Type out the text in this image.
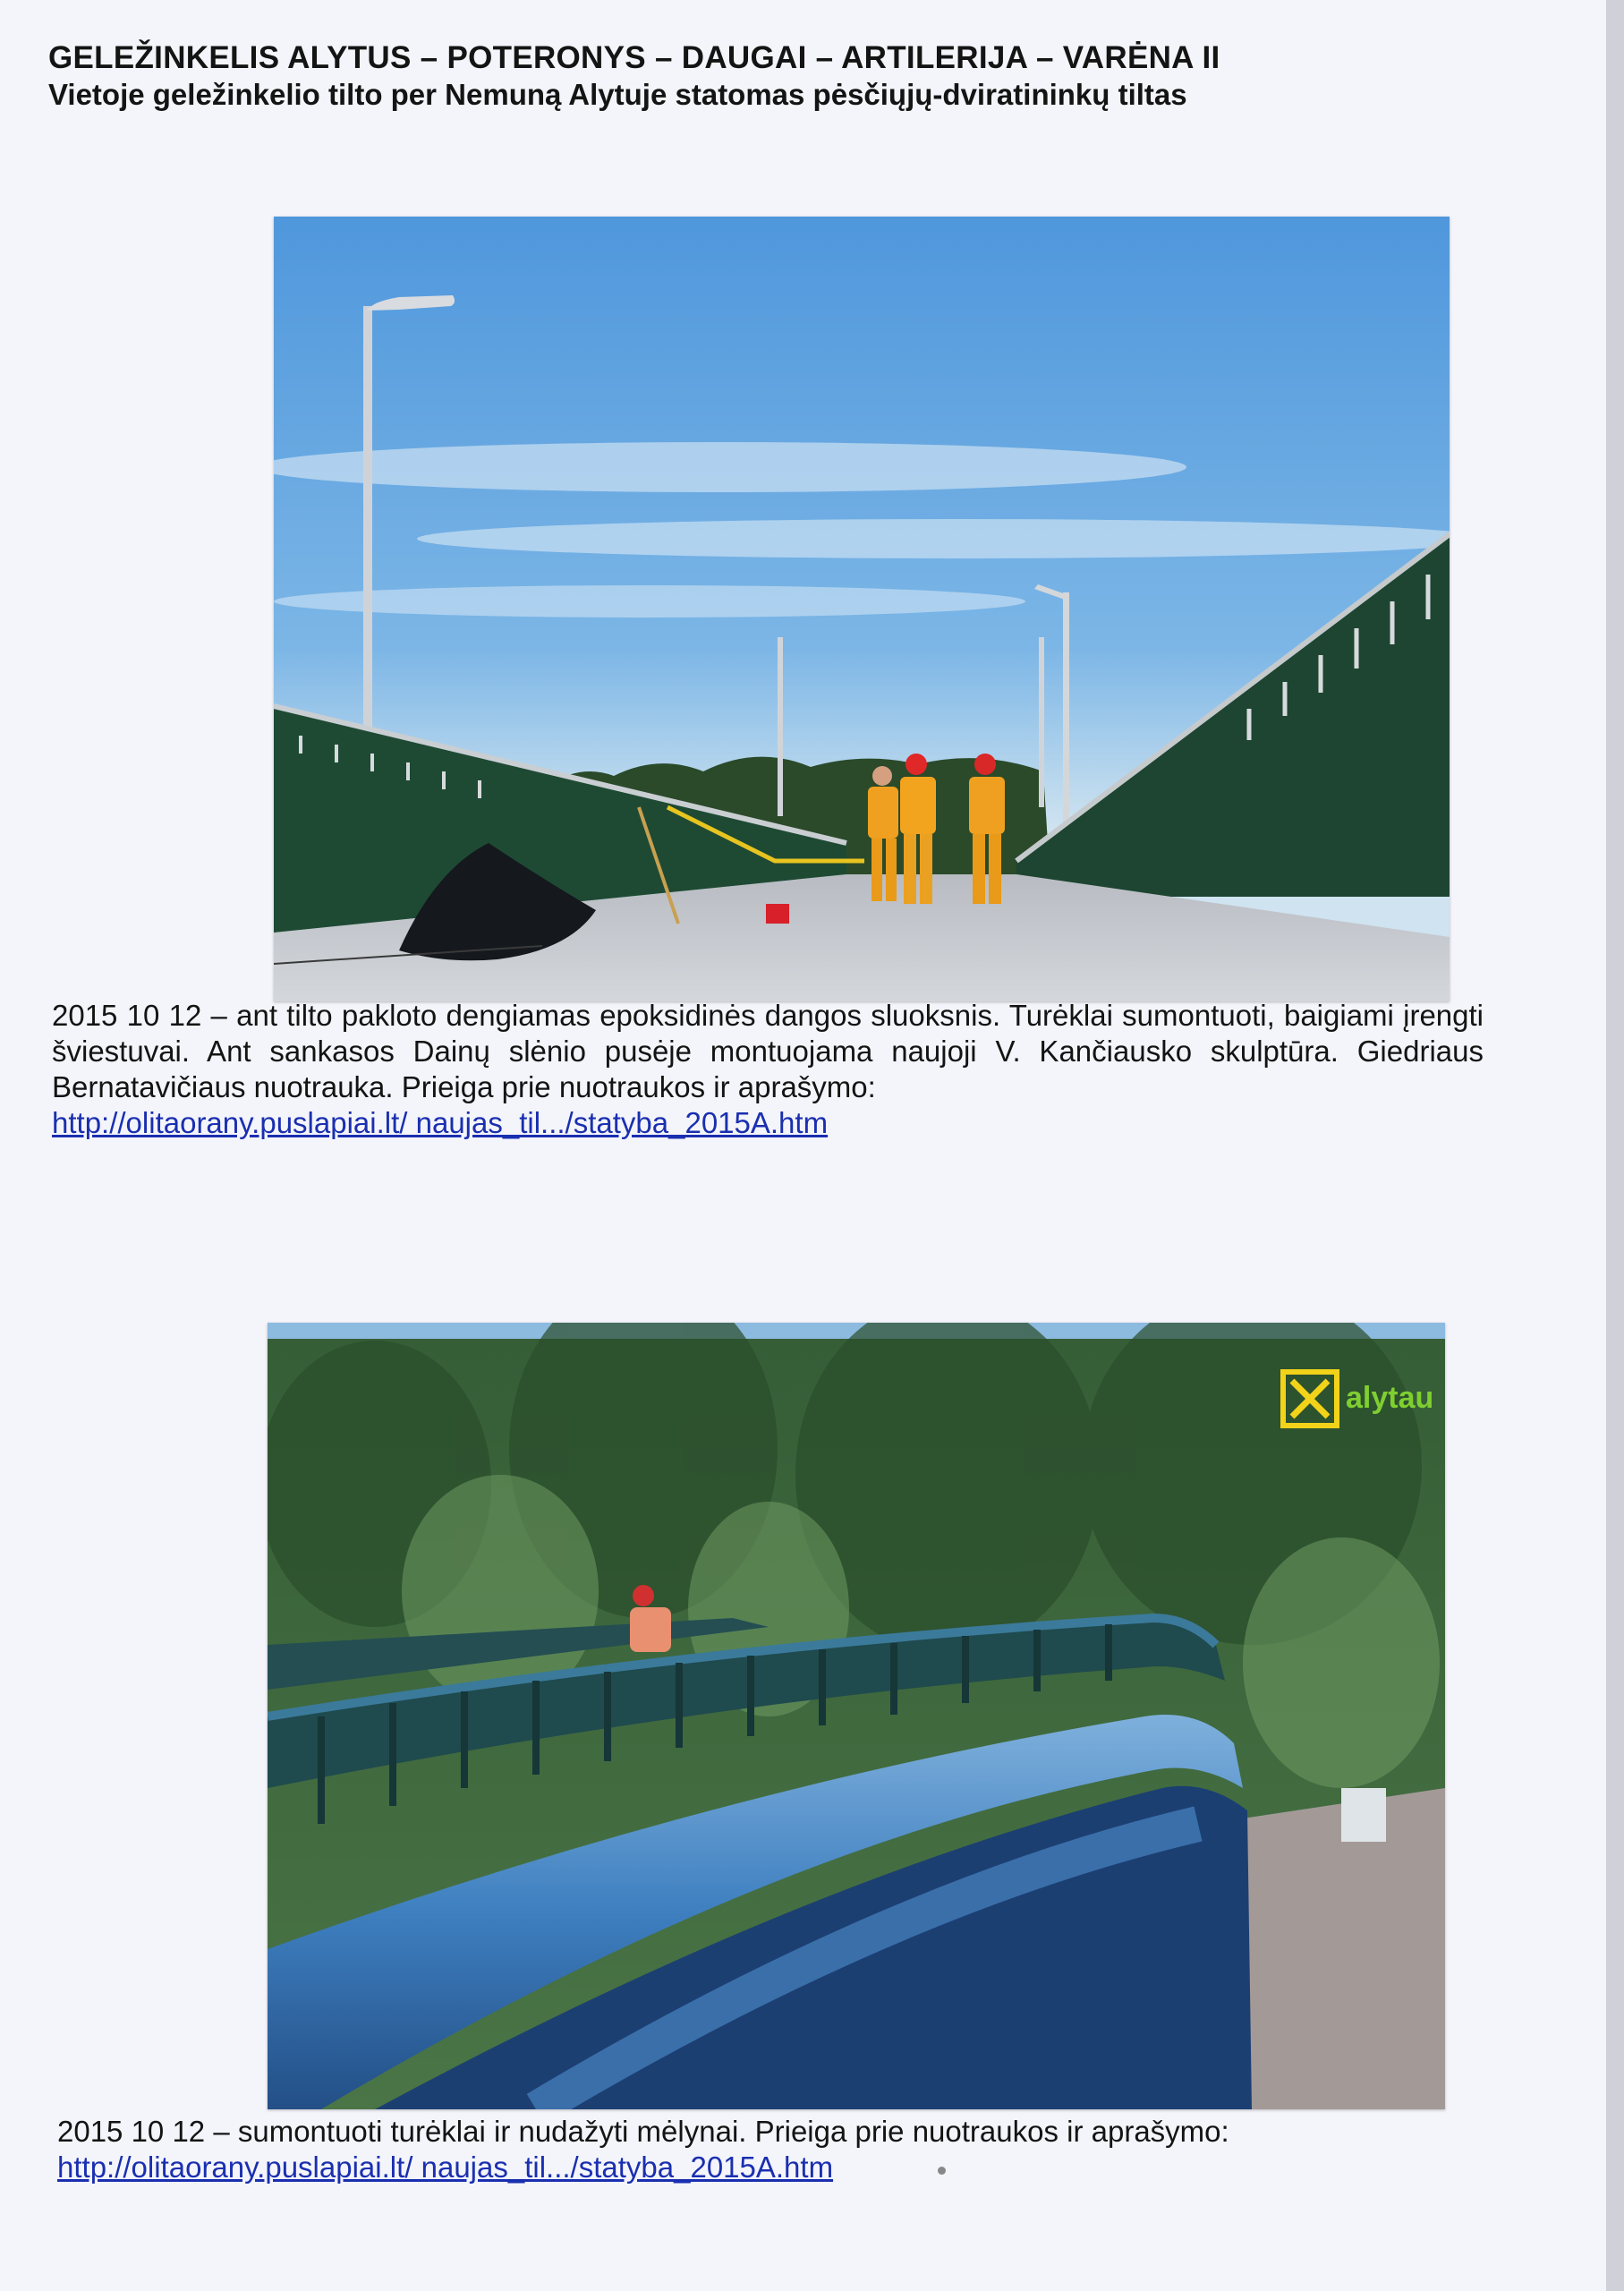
GELEŽINKELIS ALYTUS – POTERONYS – DAUGAI – ARTILERIJA – VARĖNA II

Vietoje geležinkelio tilto per Nemuną Alytuje statomas pėsčiųjų-dviratininkų tiltas

2015 10 12 – ant tilto pakloto dengiamas epoksidinės dangos sluoksnis. Turėklai sumontuoti, baigiami įrengti šviestuvai. Ant sankasos Dainų slėnio pusėje montuojama naujoji V. Kančiausko skulptūra. Giedriaus Bernatavičiaus nuotrauka. Prieiga prie nuotraukos ir aprašymo:
http://olitaorany.puslapiai.lt/ naujas_til.../statyba_2015A.htm

alytau

2015 10 12 – sumontuoti turėklai ir nudažyti mėlynai. Prieiga prie nuotraukos ir aprašymo:
http://olitaorany.puslapiai.lt/ naujas_til.../statyba_2015A.htm
